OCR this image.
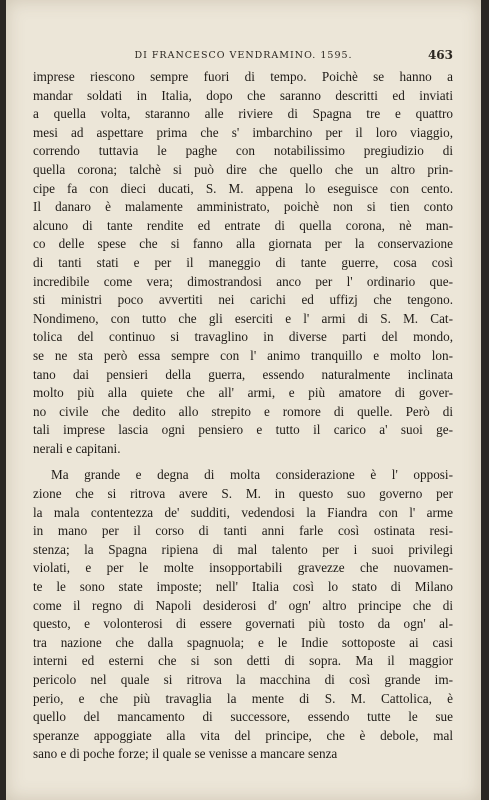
DI FRANCESCO VENDRAMINO. 1595.	463
imprese riescono sempre fuori di tempo. Poichè se hanno a
mandar soldati in Italia, dopo che saranno descritti ed inviati
a quella volta, staranno alle riviere di Spagna tre e quattro
mesi ad aspettare prima che s' imbarchino per il loro viaggio,
correndo tuttavia le paghe con notabilissimo pregiudizio di
quella corona; talchè si può dire che quello che un altro prin-
cipe fa con dieci ducati, S. M. appena lo eseguisce con cento.
Il danaro è malamente amministrato, poichè non si tien conto
alcuno di tante rendite ed entrate di quella corona, nè man-
co delle spese che si fanno alla giornata per la conservazione
di tanti stati e per il maneggio di tante guerre, cosa così
incredibile come vera; dimostrandosi anco per l' ordinario que-
sti ministri poco avvertiti nei carichi ed uffizj che tengono.
Nondimeno, con tutto che gli eserciti e l' armi di S. M. Cat-
tolica del continuo si travaglino in diverse parti del mondo,
se ne sta però essa sempre con l' animo tranquillo e molto lon-
tano dai pensieri della guerra, essendo naturalmente inclinata
molto più alla quiete che all' armi, e più amatore di gover-
no civile che dedito allo strepito e romore di quelle. Però di
tali imprese lascia ogni pensiero e tutto il carico a' suoi ge-
nerali e capitani.
Ma grande e degna di molta considerazione è l' opposi-
zione che si ritrova avere S. M. in questo suo governo per
la mala contentezza de' sudditi, vedendosi la Fiandra con l' arme
in mano per il corso di tanti anni farle così ostinata resi-
stenza; la Spagna ripiena di mal talento per i suoi privilegi
violati, e per le molte insopportabili gravezze che nuovamen-
te le sono state imposte; nell' Italia così lo stato di Milano
come il regno di Napoli desiderosi d' ogn' altro principe che di
questo, e volonterosi di essere governati più tosto da ogn' al-
tra nazione che dalla spagnuola; e le Indie sottoposte ai casi
interni ed esterni che si son detti di sopra. Ma il maggior
pericolo nel quale si ritrova la macchina di così grande im-
perio, e che più travaglia la mente di S. M. Cattolica, è
quello del mancamento di successore, essendo tutte le sue
speranze appoggiate alla vita del principe, che è debole, mal
sano e di poche forze; il quale se venisse a mancare senza
